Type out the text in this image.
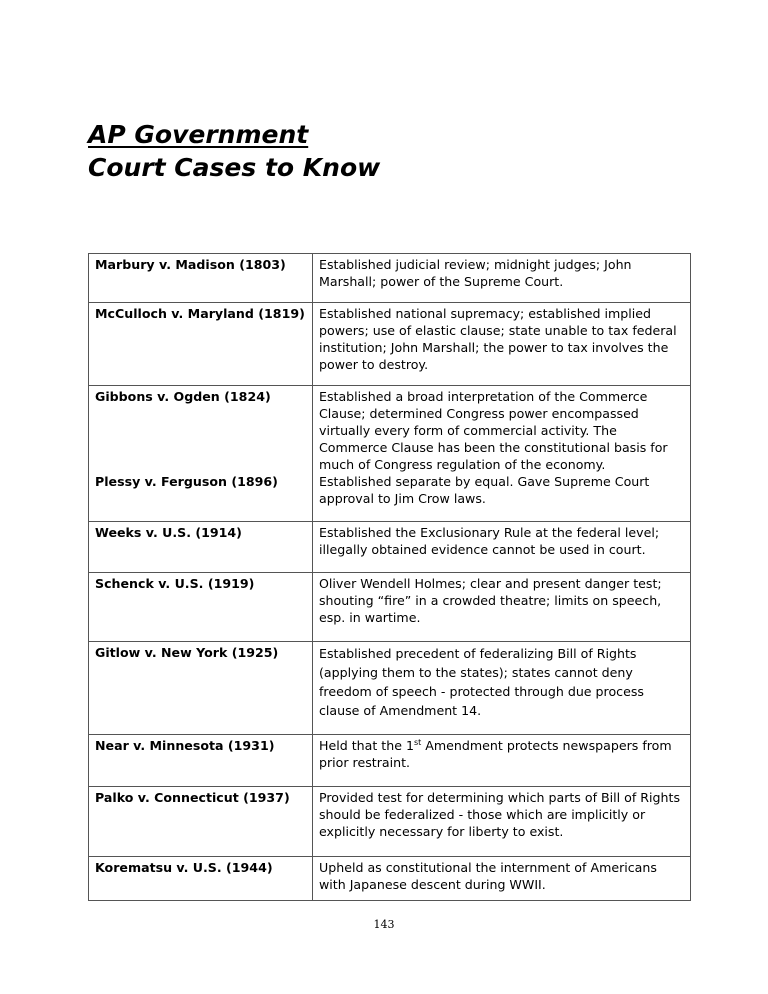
AP Government

Court Cases to Know

Marbury v. Madison (1803)	Established judicial review; midnight judges; John Marshall; power of the Supreme Court.
McCulloch v. Maryland (1819)	Established national supremacy; established implied powers; use of elastic clause; state unable to tax federal institution; John Marshall; the power to tax involves the power to destroy.
Gibbons v. Ogden (1824)	Established a broad interpretation of the Commerce Clause; determined Congress power encompassed virtually every form of commercial activity. The Commerce Clause has been the constitutional basis for much of Congress regulation of the economy.
Plessy v. Ferguson (1896)	Established separate by equal. Gave Supreme Court approval to Jim Crow laws.
Weeks v. U.S. (1914)	Established the Exclusionary Rule at the federal level; illegally obtained evidence cannot be used in court.
Schenck v. U.S. (1919)	Oliver Wendell Holmes; clear and present danger test; shouting “fire” in a crowded theatre; limits on speech, esp. in wartime.
Gitlow v. New York (1925)	Established precedent of federalizing Bill of Rights (applying them to the states); states cannot deny freedom of speech - protected through due process clause of Amendment 14.
Near v. Minnesota (1931)	Held that the 1st Amendment protects newspapers from prior restraint.
Palko v. Connecticut (1937)	Provided test for determining which parts of Bill of Rights should be federalized - those which are implicitly or explicitly necessary for liberty to exist.
Korematsu v. U.S. (1944)	Upheld as constitutional the internment of Americans with Japanese descent during WWII.
143
